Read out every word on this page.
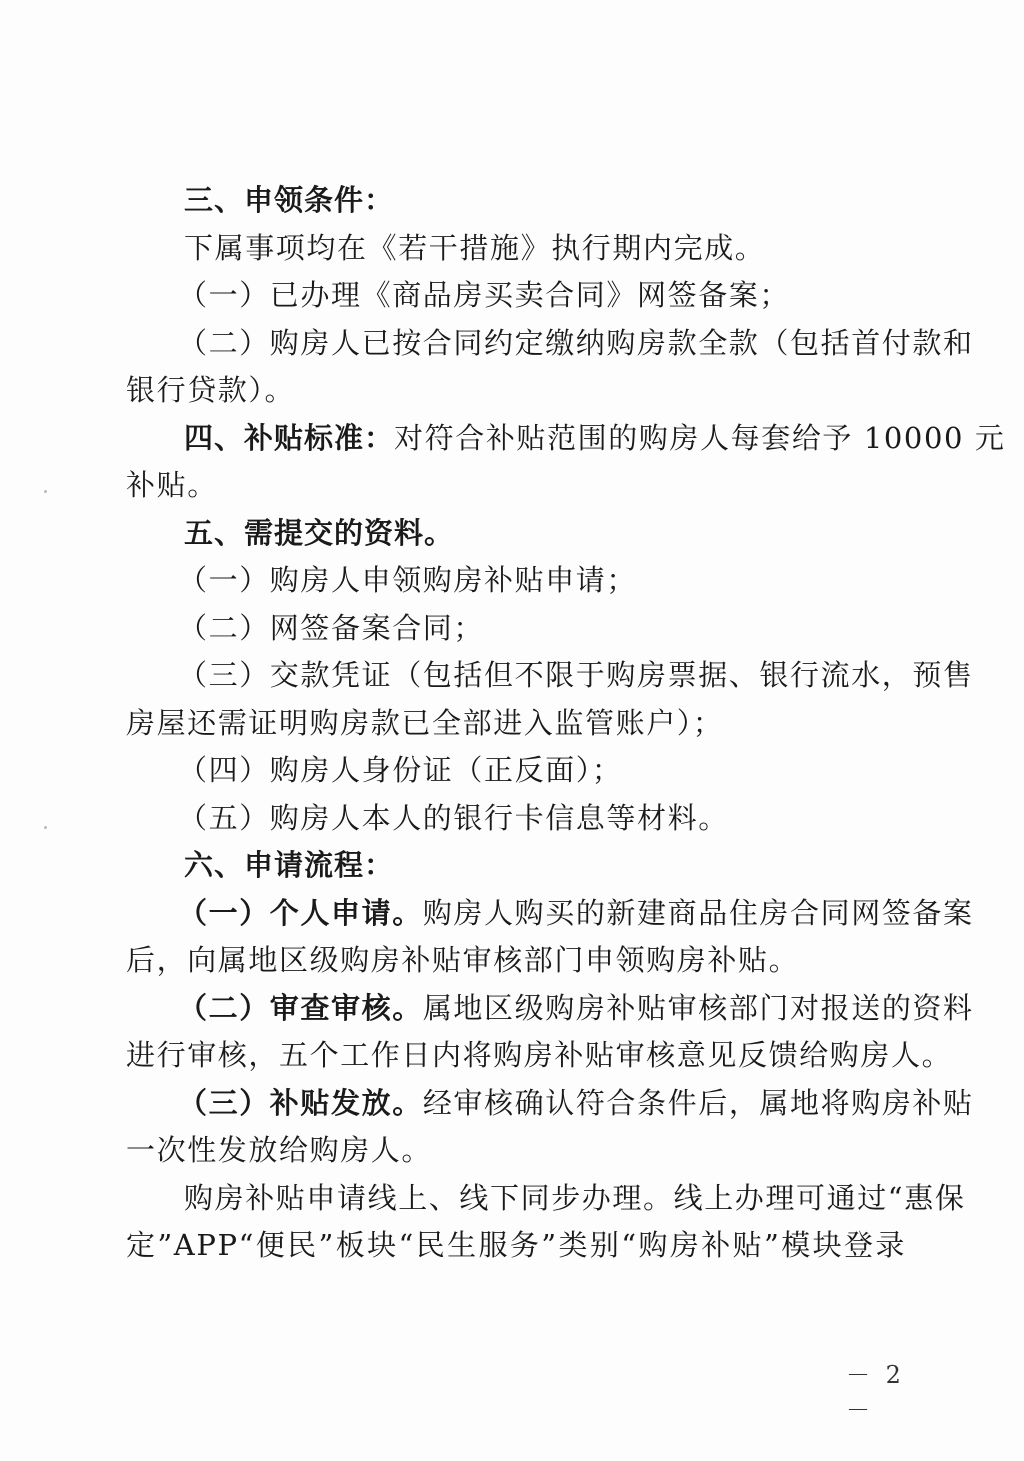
三、申领条件：
下属事项均在《若干措施》执行期内完成。
（一）已办理《商品房买卖合同》网签备案；
（二）购房人已按合同约定缴纳购房款全款（包括首付款和
银行贷款）。
四、补贴标准：对符合补贴范围的购房人每套给予 10000 元
补贴。
五、需提交的资料。
（一）购房人申领购房补贴申请；
（二）网签备案合同；
（三）交款凭证（包括但不限于购房票据、银行流水，预售
房屋还需证明购房款已全部进入监管账户）；
（四）购房人身份证（正反面）；
（五）购房人本人的银行卡信息等材料。
六、申请流程：
（一）个人申请。购房人购买的新建商品住房合同网签备案
后，向属地区级购房补贴审核部门申领购房补贴。
（二）审查审核。属地区级购房补贴审核部门对报送的资料
进行审核，五个工作日内将购房补贴审核意见反馈给购房人。
（三）补贴发放。经审核确认符合条件后，属地将购房补贴
一次性发放给购房人。
购房补贴申请线上、线下同步办理。线上办理可通过“惠保
定”APP“便民”板块“民生服务”类别“购房补贴”模块登录
－ 2 －
